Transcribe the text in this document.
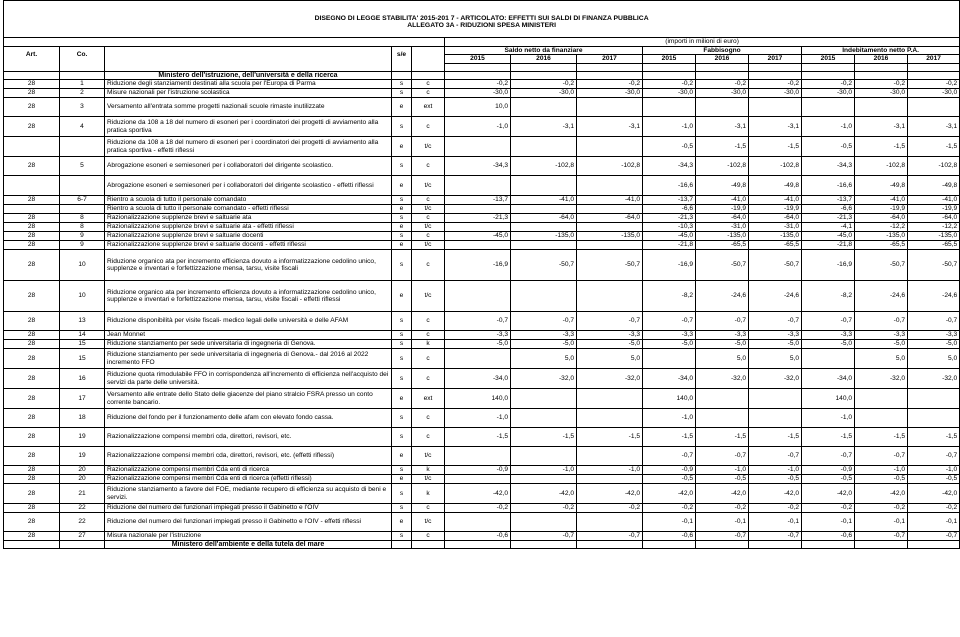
DISEGNO DI LEGGE STABILITA' 2015-201 7 - ARTICOLATO: EFFETTI SUI SALDI DI FINANZA PUBBLICA													
ALLEGATO 3A - RIDUZIONI SPESA MINISTERI													

					(importi in milioni di euro)								
Art.	Co.		s/e		Saldo netto da finanziare			Fabbisogno			Indebitamento netto P.A.		
					2015	2016	2017	2015	2016	2017	2015	2016	2017

		Ministero dell'istruzione, dell'università e della ricerca											
28	1	Riduzione degli stanziamenti destinati alla scuola per l'Europa di Parma	s	c	-0,2	-0,2	-0,2	-0,2	-0,2	-0,2	-0,2	-0,2	-0,2
28	2	Misure nazionali per l'istruzione scolastica	s	c	-30,0	-30,0	-30,0	-30,0	-30,0	-30,0	-30,0	-30,0	-30,0
28	3	Versamento all'entrata somme progetti nazionali scuole rimaste inutilizzate	e	ext	10,0								
28	4	Riduzione da 108 a 18 del numero di esoneri per i coordinatori dei progetti di avviamento alla pratica sportiva	s	c	-1,0	-3,1	-3,1	-1,0	-3,1	-3,1	-1,0	-3,1	-3,1
		Riduzione da 108 a 18 del numero di esoneri per i coordinatori dei progetti di avviamento alla pratica sportiva - effetti riflessi	e	t/c				-0,5	-1,5	-1,5	-0,5	-1,5	-1,5
28	5	Abrogazione esoneri e semiesoneri per i collaboratori del dirigente scolastico.	s	c	-34,3	-102,8	-102,8	-34,3	-102,8	-102,8	-34,3	-102,8	-102,8
		Abrogazione esoneri e semiesoneri per i collaboratori del dirigente scolastico - effetti riflessi	e	t/c				-16,6	-49,8	-49,8	-16,6	-49,8	-49,8
28	6-7	Rientro a scuola di tutto il personale comandato	s	c	-13,7	-41,0	-41,0	-13,7	-41,0	-41,0	-13,7	-41,0	-41,0
		Rientro a scuola di tutto il personale comandato - effetti riflessi	e	t/c				-6,6	-19,9	-19,9	-6,6	-19,9	-19,9
28	8	Razionalizzazione supplenze brevi e saltuarie ata	s	c	-21,3	-64,0	-64,0	-21,3	-64,0	-64,0	-21,3	-64,0	-64,0
28	8	Razionalizzazione supplenze brevi e saltuarie ata - effetti riflessi	e	t/c				-10,3	-31,0	-31,0	-4,1	-12,2	-12,2
28	9	Razionalizzazione supplenze brevi e saltuarie docenti	s	c	-45,0	-135,0	-135,0	-45,0	-135,0	-135,0	-45,0	-135,0	-135,0
28	9	Razionalizzazione supplenze brevi e saltuarie docenti - effetti riflessi	e	t/c				-21,8	-65,5	-65,5	-21,8	-65,5	-65,5
28	10	Riduzione organico ata per incremento efficienza dovuto a informatizzazione cedolino unico, supplenze e inventari e forfettizzazione mensa, tarsu, visite fiscali	s	c	-16,9	-50,7	-50,7	-16,9	-50,7	-50,7	-16,9	-50,7	-50,7
28	10	Riduzione organico ata per incremento efficienza dovuto a informatizzazione cedolino unico, supplenze e inventari e forfettizzazione mensa, tarsu, visite fiscali - effetti riflessi	e	t/c				-8,2	-24,6	-24,6	-8,2	-24,6	-24,6
28	13	Riduzione disponibilità per visite fiscali- medico legali delle università e delle AFAM	s	c	-0,7	-0,7	-0,7	-0,7	-0,7	-0,7	-0,7	-0,7	-0,7
28	14	Jean Monnet	s	c	-3,3	-3,3	-3,3	-3,3	-3,3	-3,3	-3,3	-3,3	-3,3
28	15	Riduzione stanziamento per sede universitaria di ingegneria di Genova.	s	k	-5,0	-5,0	-5,0	-5,0	-5,0	-5,0	-5,0	-5,0	-5,0
28	15	Riduzione stanziamento per sede universitaria di ingegneria di Genova.- dal 2016 al 2022 incremento FFO	s	c		5,0	5,0		5,0	5,0		5,0	5,0
28	16	Riduzione quota rimodulabile FFO in corrispondenza all'incremento di efficienza nell'acquisto dei servizi da parte delle università.	s	c	-34,0	-32,0	-32,0	-34,0	-32,0	-32,0	-34,0	-32,0	-32,0
28	17	Versamento alle entrate dello Stato delle giacenze del piano stralcio FSRA presso un conto corrente bancario.	e	ext	140,0			140,0			140,0		
28	18	Riduzione del fondo per il funzionamento delle afam con elevato fondo cassa.	s	c	-1,0			-1,0			-1,0		
28	19	Razionalizzazione compensi membri cda, direttori, revisori, etc.	s	c	-1,5	-1,5	-1,5	-1,5	-1,5	-1,5	-1,5	-1,5	-1,5
28	19	Razionalizzazione compensi membri cda, direttori, revisori, etc. (effetti riflessi)	e	t/c				-0,7	-0,7	-0,7	-0,7	-0,7	-0,7
28	20	Razionalizzazione compensi membri Cda enti di ricerca	s	k	-0,9	-1,0	-1,0	-0,9	-1,0	-1,0	-0,9	-1,0	-1,0
28	20	Razionalizzazione compensi membri Cda enti di ricerca (effetti riflessi)	e	t/c				-0,5	-0,5	-0,5	-0,5	-0,5	-0,5
28	21	Riduzione stanziamento a favore del FOE, mediante recupero di efficienza su acquisto di beni e servizi.	s	k	-42,0	-42,0	-42,0	-42,0	-42,0	-42,0	-42,0	-42,0	-42,0
28	22	Riduzione del numero dei funzionari impiegati presso il Gabinetto e l'OIV	s	c	-0,2	-0,2	-0,2	-0,2	-0,2	-0,2	-0,2	-0,2	-0,2
28	22	Riduzione del numero dei funzionari impiegati presso il Gabinetto e l'OIV - effetti riflessi	e	t/c				-0,1	-0,1	-0,1	-0,1	-0,1	-0,1
28	27	Misura nazionale per l'istruzione	s	c	-0,6	-0,7	-0,7	-0,6	-0,7	-0,7	-0,6	-0,7	-0,7
		Ministero dell'ambiente e della tutela del mare											
